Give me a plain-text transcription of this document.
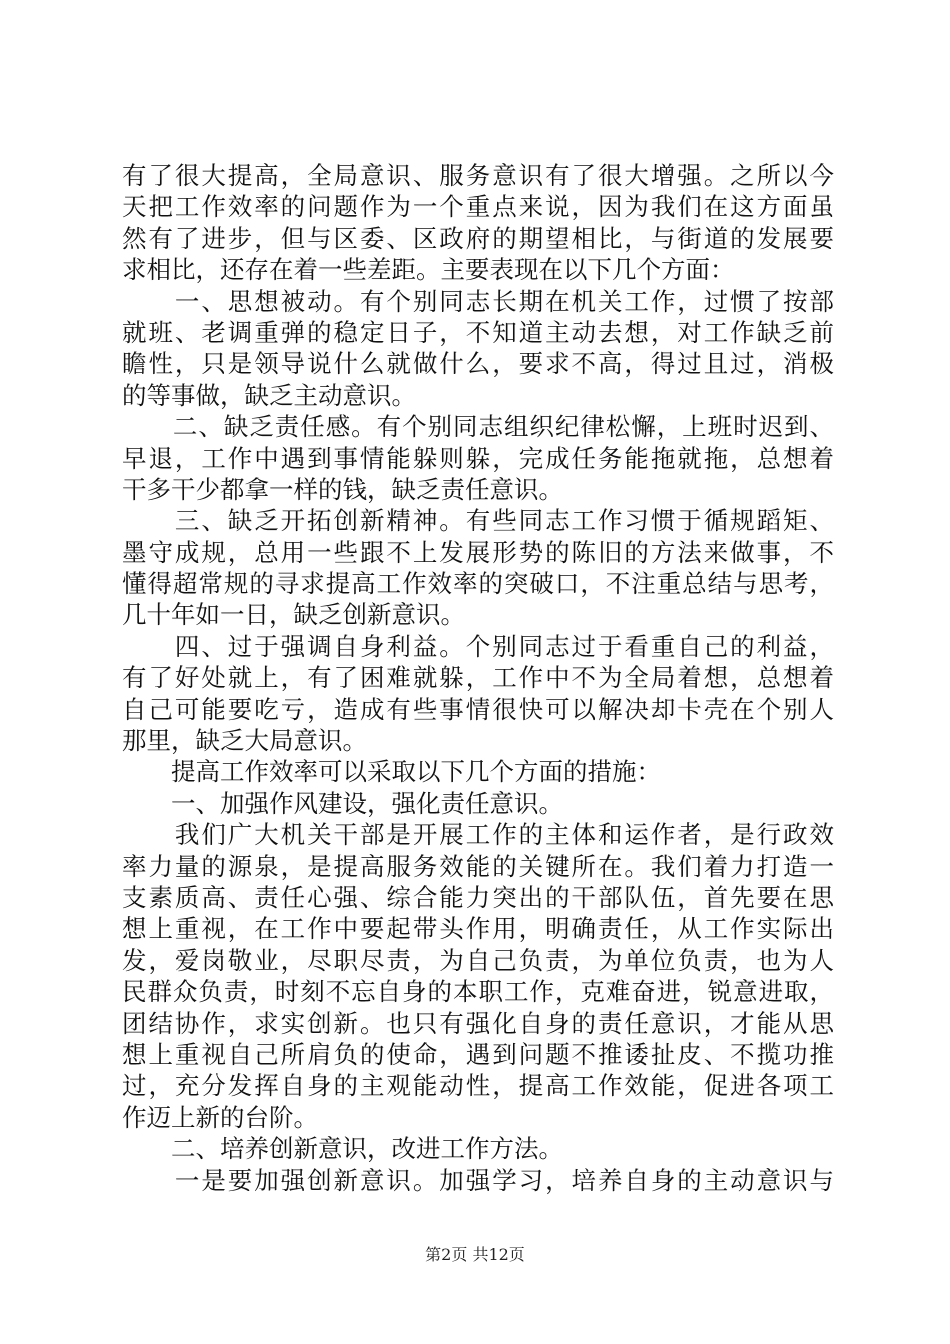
有了很大提高，全局意识、服务意识有了很大增强。之所以今
天把工作效率的问题作为一个重点来说，因为我们在这方面虽
然有了进步，但与区委、区政府的期望相比，与街道的发展要
求相比，还存在着一些差距。主要表现在以下几个方面：
　　一、思想被动。有个别同志长期在机关工作，过惯了按部
就班、老调重弹的稳定日子，不知道主动去想，对工作缺乏前
瞻性，只是领导说什么就做什么，要求不高，得过且过，消极
的等事做，缺乏主动意识。
　　二、缺乏责任感。有个别同志组织纪律松懈，上班时迟到、
早退，工作中遇到事情能躲则躲，完成任务能拖就拖，总想着
干多干少都拿一样的钱，缺乏责任意识。
　　三、缺乏开拓创新精神。有些同志工作习惯于循规蹈矩、
墨守成规，总用一些跟不上发展形势的陈旧的方法来做事，不
懂得超常规的寻求提高工作效率的突破口，不注重总结与思考，
几十年如一日，缺乏创新意识。
　　四、过于强调自身利益。个别同志过于看重自己的利益，
有了好处就上，有了困难就躲，工作中不为全局着想，总想着
自己可能要吃亏，造成有些事情很快可以解决却卡壳在个别人
那里，缺乏大局意识。
　　提高工作效率可以采取以下几个方面的措施：
　　一、加强作风建设，强化责任意识。
　　我们广大机关干部是开展工作的主体和运作者，是行政效
率力量的源泉，是提高服务效能的关键所在。我们着力打造一
支素质高、责任心强、综合能力突出的干部队伍，首先要在思
想上重视，在工作中要起带头作用，明确责任，从工作实际出
发，爱岗敬业，尽职尽责，为自己负责，为单位负责，也为人
民群众负责，时刻不忘自身的本职工作，克难奋进，锐意进取，
团结协作，求实创新。也只有强化自身的责任意识，才能从思
想上重视自己所肩负的使命，遇到问题不推诿扯皮、不揽功推
过，充分发挥自身的主观能动性，提高工作效能，促进各项工
作迈上新的台阶。
　　二、培养创新意识，改进工作方法。
　　一是要加强创新意识。加强学习，培养自身的主动意识与
第2页 共12页
